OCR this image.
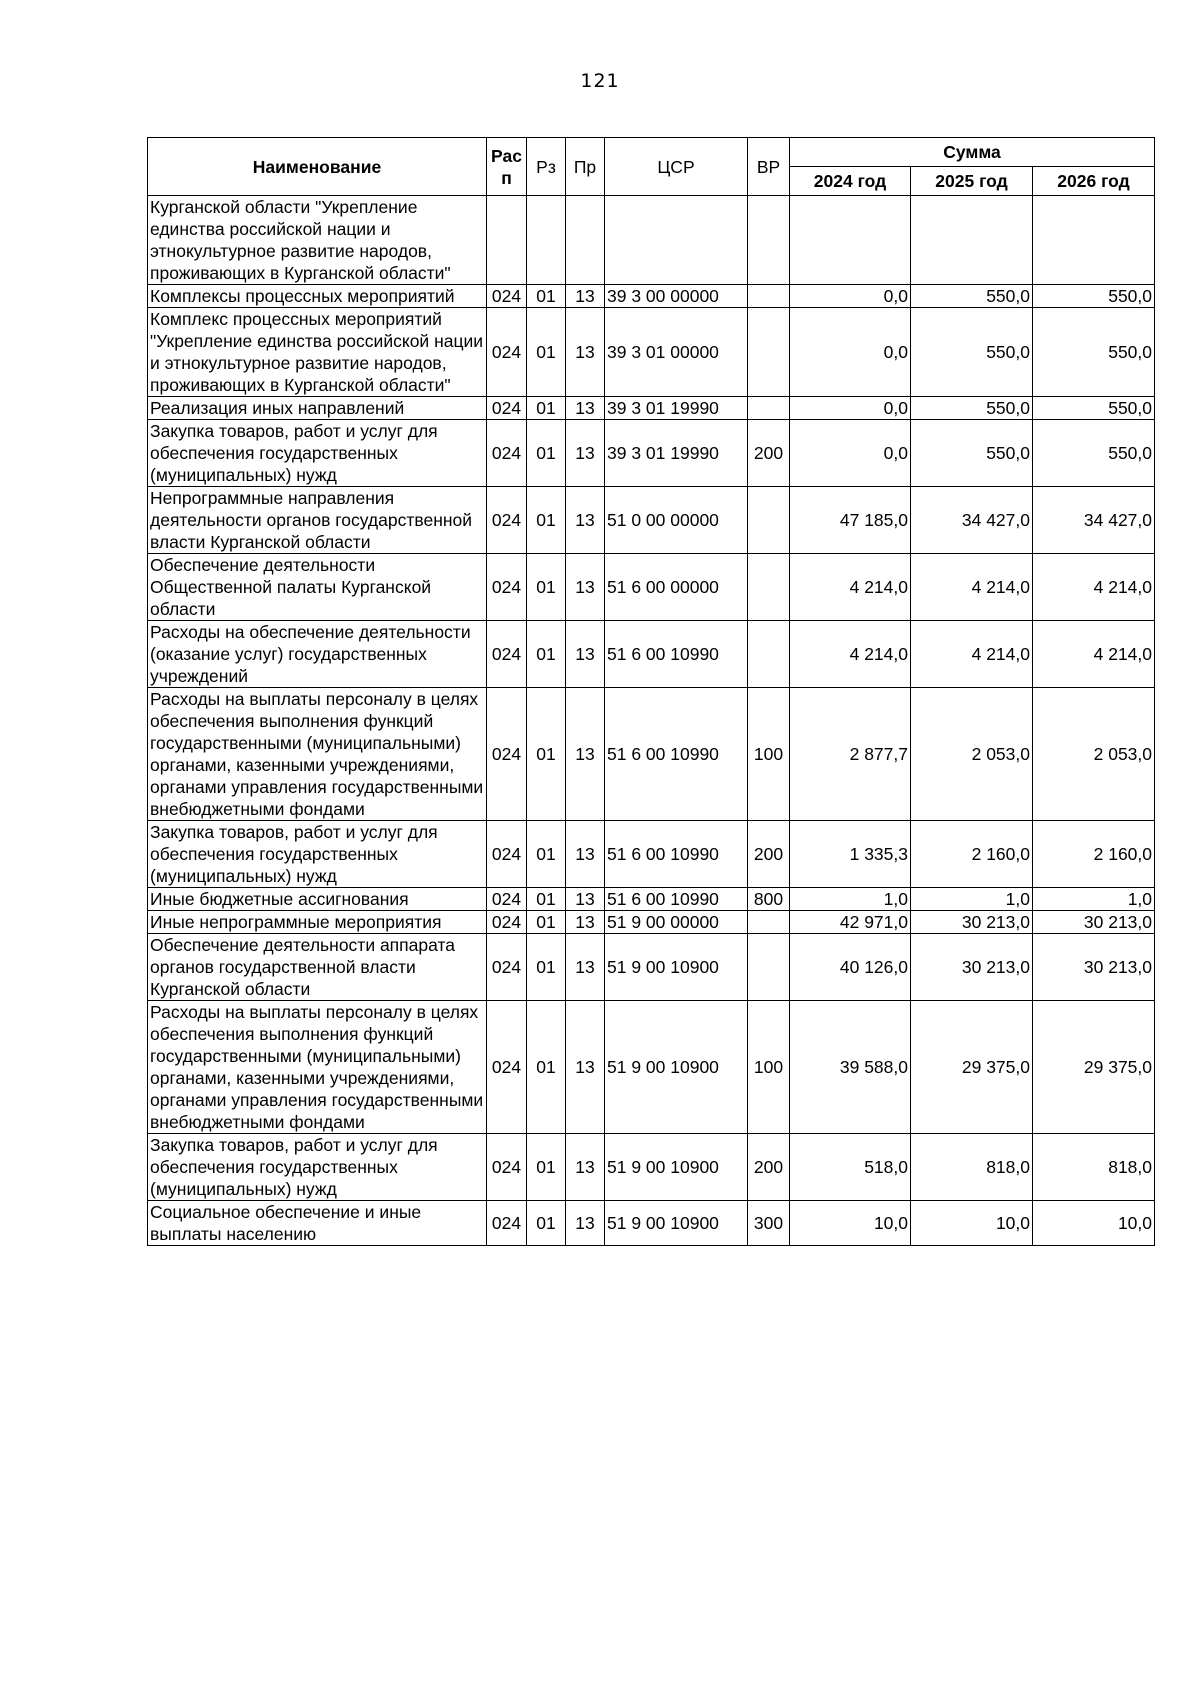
121
Наименование	Рас п	Рз	Пр	ЦСР	ВР	Сумма		
						2024 год	2025 год	2026 год
Курганской области "Укрепление единства российской нации и этнокультурное развитие народов, проживающих в Курганской области"								
Комплексы процессных мероприятий	024	01	13	39 3 00 00000		0,0	550,0	550,0
Комплекс процессных мероприятий "Укрепление единства российской нации и этнокультурное развитие народов, проживающих в Курганской области"	024	01	13	39 3 01 00000		0,0	550,0	550,0
Реализация иных направлений	024	01	13	39 3 01 19990		0,0	550,0	550,0
Закупка товаров, работ и услуг для обеспечения государственных (муниципальных) нужд	024	01	13	39 3 01 19990	200	0,0	550,0	550,0
Непрограммные направления деятельности органов государственной власти Курганской области	024	01	13	51 0 00 00000		47 185,0	34 427,0	34 427,0
Обеспечение деятельности Общественной палаты Курганской области	024	01	13	51 6 00 00000		4 214,0	4 214,0	4 214,0
Расходы на обеспечение деятельности (оказание услуг) государственных учреждений	024	01	13	51 6 00 10990		4 214,0	4 214,0	4 214,0
Расходы на выплаты персоналу в целях обеспечения выполнения функций государственными (муниципальными) органами, казенными учреждениями, органами управления государственными внебюджетными фондами	024	01	13	51 6 00 10990	100	2 877,7	2 053,0	2 053,0
Закупка товаров, работ и услуг для обеспечения государственных (муниципальных) нужд	024	01	13	51 6 00 10990	200	1 335,3	2 160,0	2 160,0
Иные бюджетные ассигнования	024	01	13	51 6 00 10990	800	1,0	1,0	1,0
Иные непрограммные мероприятия	024	01	13	51 9 00 00000		42 971,0	30 213,0	30 213,0
Обеспечение деятельности аппарата органов государственной власти Курганской области	024	01	13	51 9 00 10900		40 126,0	30 213,0	30 213,0
Расходы на выплаты персоналу в целях обеспечения выполнения функций государственными (муниципальными) органами, казенными учреждениями, органами управления государственными внебюджетными фондами	024	01	13	51 9 00 10900	100	39 588,0	29 375,0	29 375,0
Закупка товаров, работ и услуг для обеспечения государственных (муниципальных) нужд	024	01	13	51 9 00 10900	200	518,0	818,0	818,0
Социальное обеспечение и иные выплаты населению	024	01	13	51 9 00 10900	300	10,0	10,0	10,0
